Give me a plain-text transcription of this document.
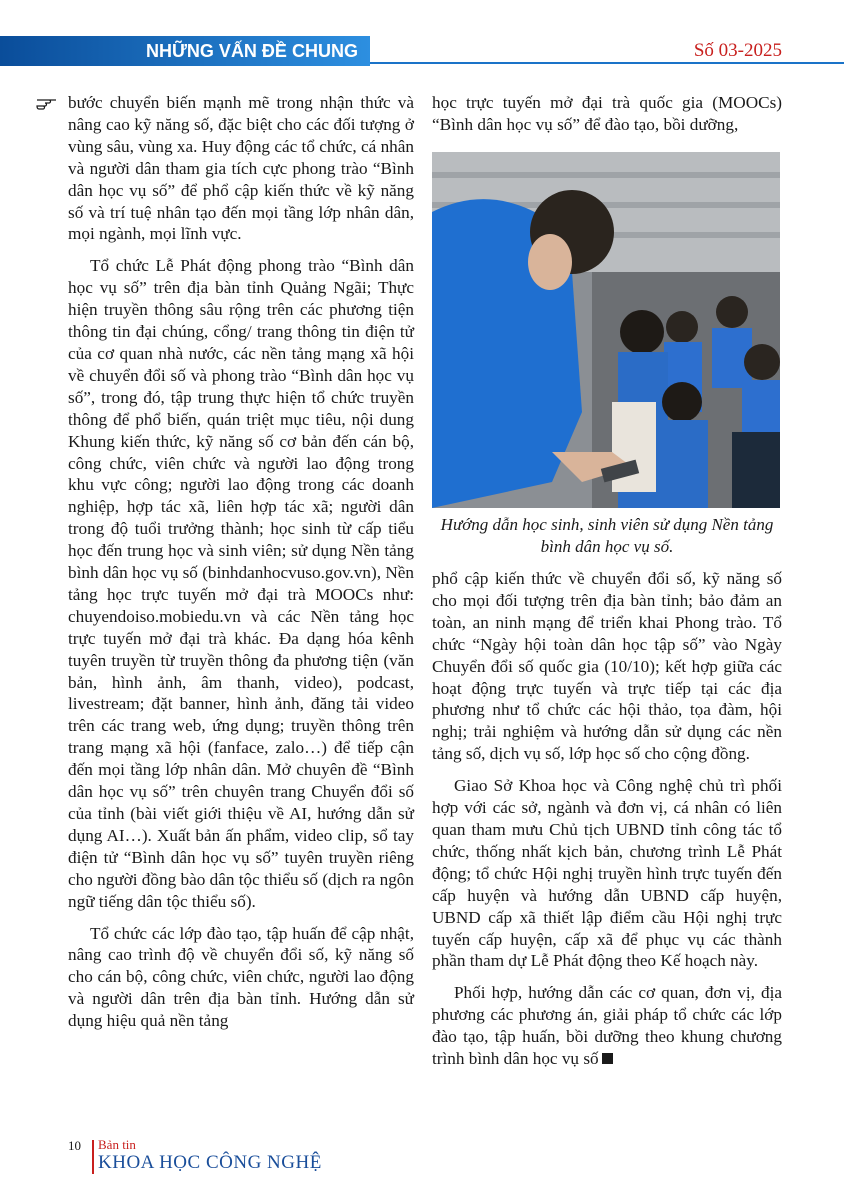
NHỮNG VẤN ĐỀ CHUNG	Số 03-2025

bước chuyển biến mạnh mẽ trong nhận thức và nâng cao kỹ năng số, đặc biệt cho các đối tượng ở vùng sâu, vùng xa. Huy động các tổ chức, cá nhân và người dân tham gia tích cực phong trào “Bình dân học vụ số” để phổ cập kiến thức về kỹ năng số và trí tuệ nhân tạo đến mọi tầng lớp nhân dân, mọi ngành, mọi lĩnh vực.

Tổ chức Lễ Phát động phong trào “Bình dân học vụ số” trên địa bàn tỉnh Quảng Ngãi; Thực hiện truyền thông sâu rộng trên các phương tiện thông tin đại chúng, cổng/ trang thông tin điện tử của cơ quan nhà nước, các nền tảng mạng xã hội về chuyển đổi số và phong trào “Bình dân học vụ số”, trong đó, tập trung thực hiện tổ chức truyền thông để phổ biến, quán triệt mục tiêu, nội dung Khung kiến thức, kỹ năng số cơ bản đến cán bộ, công chức, viên chức và người lao động trong khu vực công; người lao động trong các doanh nghiệp, hợp tác xã, liên hợp tác xã; người dân trong độ tuổi trưởng thành; học sinh từ cấp tiểu học đến trung học và sinh viên; sử dụng Nền tảng bình dân học vụ số (binhdanhocvuso.gov.vn), Nền tảng học trực tuyến mở đại trà MOOCs như: chuyendoiso.mobiedu.vn và các Nền tảng học trực tuyến mở đại trà khác. Đa dạng hóa kênh tuyên truyền từ truyền thông đa phương tiện (văn bản, hình ảnh, âm thanh, video), podcast, livestream; đặt banner, hình ảnh, đăng tải video trên các trang web, ứng dụng; truyền thông trên trang mạng xã hội (fanface, zalo…) để tiếp cận đến mọi tầng lớp nhân dân. Mở chuyên đề “Bình dân học vụ số” trên chuyên trang Chuyển đổi số của tỉnh (bài viết giới thiệu về AI, hướng dẫn sử dụng AI…). Xuất bản ấn phẩm, video clip, sổ tay điện tử “Bình dân học vụ số” tuyên truyền riêng cho người đồng bào dân tộc thiểu số (dịch ra ngôn ngữ tiếng dân tộc thiểu số).

Tổ chức các lớp đào tạo, tập huấn để cập nhật, nâng cao trình độ về chuyển đổi số, kỹ năng số cho cán bộ, công chức, viên chức, người lao động và người dân trên địa bàn tỉnh. Hướng dẫn sử dụng hiệu quả nền tảng

học trực tuyến mở đại trà quốc gia (MOOCs) “Bình dân học vụ số” để đào tạo, bồi dưỡng,

Hướng dẫn học sinh, sinh viên sử dụng Nền tảng bình dân học vụ số.

phổ cập kiến thức về chuyển đổi số, kỹ năng số cho mọi đối tượng trên địa bàn tỉnh; bảo đảm an toàn, an ninh mạng để triển khai Phong trào. Tổ chức “Ngày hội toàn dân học tập số” vào Ngày Chuyển đổi số quốc gia (10/10); kết hợp giữa các hoạt động trực tuyến và trực tiếp tại các địa phương như tổ chức các hội thảo, tọa đàm, hội nghị; trải nghiệm và hướng dẫn sử dụng các nền tảng số, dịch vụ số, lớp học số cho cộng đồng.

Giao Sở Khoa học và Công nghệ chủ trì phối hợp với các sở, ngành và đơn vị, cá nhân có liên quan tham mưu Chủ tịch UBND tỉnh công tác tổ chức, thống nhất kịch bản, chương trình Lễ Phát động; tổ chức Hội nghị truyền hình trực tuyến đến cấp huyện và hướng dẫn UBND cấp huyện, UBND cấp xã thiết lập điểm cầu Hội nghị trực tuyến cấp huyện, cấp xã để phục vụ các thành phần tham dự Lễ Phát động theo Kế hoạch này.

Phối hợp, hướng dẫn các cơ quan, đơn vị, địa phương các phương án, giải pháp tổ chức các lớp đào tạo, tập huấn, bồi dưỡng theo khung chương trình bình dân học vụ số

10 Bản tin
KHOA HỌC CÔNG NGHỆ
